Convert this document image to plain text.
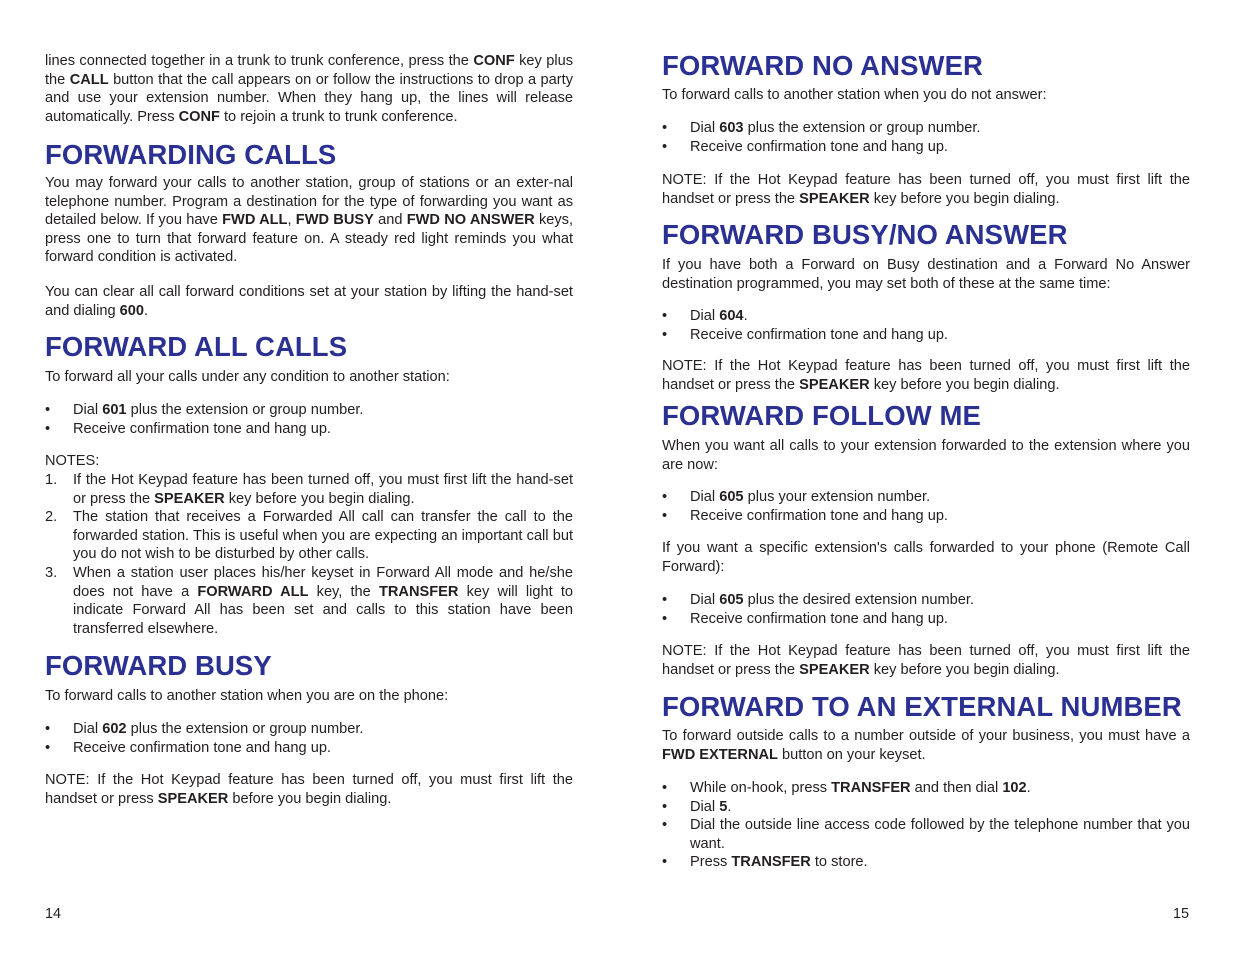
lines connected together in a trunk to trunk conference, press the CONF key plus the CALL button that the call appears on or follow the instructions to drop a party and use your extension number. When they hang up, the lines will release automatically. Press CONF to rejoin a trunk to trunk conference.

FORWARDING CALLS

You may forward your calls to another station, group of stations or an exter-nal telephone number. Program a destination for the type of forwarding you want as detailed below. If you have FWD ALL, FWD BUSY and FWD NO ANSWER keys, press one to turn that forward feature on. A steady red light reminds you what forward condition is activated.

You can clear all call forward conditions set at your station by lifting the hand-set and dialing 600.

FORWARD ALL CALLS

To forward all your calls under any condition to another station:

• Dial 601 plus the extension or group number.
• Receive confirmation tone and hang up.

NOTES:

1. If the Hot Keypad feature has been turned off, you must first lift the hand-set or press the SPEAKER key before you begin dialing.
2. The station that receives a Forwarded All call can transfer the call to the forwarded station. This is useful when you are expecting an important call but you do not wish to be disturbed by other calls.
3. When a station user places his/her keyset in Forward All mode and he/she does not have a FORWARD ALL key, the TRANSFER key will light to indicate Forward All has been set and calls to this station have been transferred elsewhere.
FORWARD BUSY

To forward calls to another station when you are on the phone:

• Dial 602 plus the extension or group number.
• Receive confirmation tone and hang up.

NOTE: If the Hot Keypad feature has been turned off, you must first lift the handset or press SPEAKER before you begin dialing.

FORWARD NO ANSWER

To forward calls to another station when you do not answer:

• Dial 603 plus the extension or group number.
• Receive confirmation tone and hang up.

NOTE: If the Hot Keypad feature has been turned off, you must first lift the handset or press the SPEAKER key before you begin dialing.

FORWARD BUSY/NO ANSWER

If you have both a Forward on Busy destination and a Forward No Answer destination programmed, you may set both of these at the same time:

• Dial 604.
• Receive confirmation tone and hang up.

NOTE: If the Hot Keypad feature has been turned off, you must first lift the handset or press the SPEAKER key before you begin dialing.

FORWARD FOLLOW ME

When you want all calls to your extension forwarded to the extension where you are now:

• Dial 605 plus your extension number.
• Receive confirmation tone and hang up.

If you want a specific extension's calls forwarded to your phone (Remote Call Forward):

• Dial 605 plus the desired extension number.
• Receive confirmation tone and hang up.

NOTE: If the Hot Keypad feature has been turned off, you must first lift the handset or press the SPEAKER key before you begin dialing.

FORWARD TO AN EXTERNAL NUMBER

To forward outside calls to a number outside of your business, you must have a FWD EXTERNAL button on your keyset.

• While on-hook, press TRANSFER and then dial 102.
• Dial 5.
• Dial the outside line access code followed by the telephone number that you want.
• Press TRANSFER to store.
14	15
